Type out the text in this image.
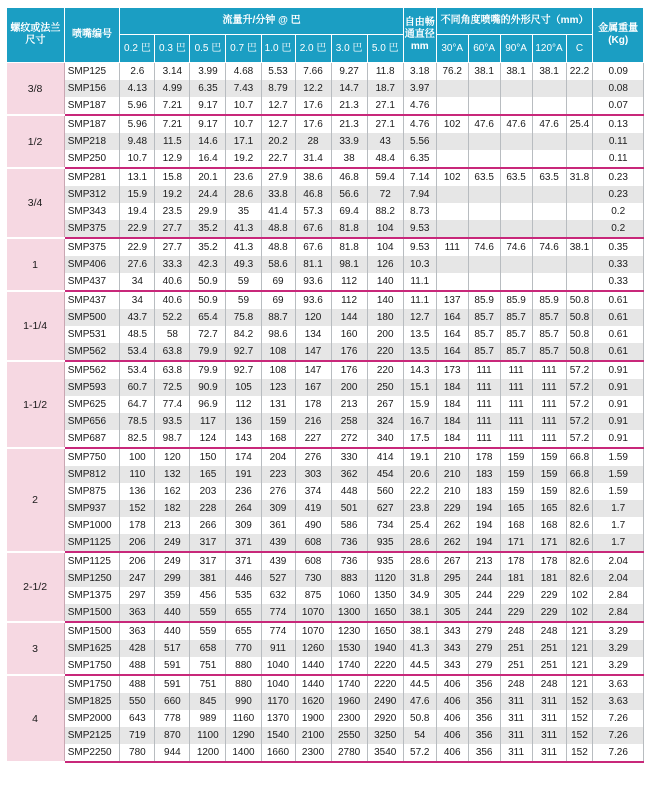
螺纹或法兰尺寸	喷嘴编号	流量升/分钟 @ 巴								自由畅通直径mm	不同角度喷嘴的外形尺寸（mm）					金属重量(Kg)
		0.2 巴	0.3 巴	0.5 巴	0.7 巴	1.0 巴	2.0 巴	3.0 巴	5.0 巴		30°A	60°A	90°A	120°A	C	
3/8	SMP125	2.6	3.14	3.99	4.68	5.53	7.66	9.27	11.8	3.18	76.2	38.1	38.1	38.1	22.2	0.09
	SMP156	4.13	4.99	6.35	7.43	8.79	12.2	14.7	18.7	3.97						0.08
	SMP187	5.96	7.21	9.17	10.7	12.7	17.6	21.3	27.1	4.76						0.07
1/2	SMP187	5.96	7.21	9.17	10.7	12.7	17.6	21.3	27.1	4.76	102	47.6	47.6	47.6	25.4	0.13
	SMP218	9.48	11.5	14.6	17.1	20.2	28	33.9	43	5.56						0.11
	SMP250	10.7	12.9	16.4	19.2	22.7	31.4	38	48.4	6.35						0.11
3/4	SMP281	13.1	15.8	20.1	23.6	27.9	38.6	46.8	59.4	7.14	102	63.5	63.5	63.5	31.8	0.23
	SMP312	15.9	19.2	24.4	28.6	33.8	46.8	56.6	72	7.94						0.23
	SMP343	19.4	23.5	29.9	35	41.4	57.3	69.4	88.2	8.73						0.2
	SMP375	22.9	27.7	35.2	41.3	48.8	67.6	81.8	104	9.53						0.2
1	SMP375	22.9	27.7	35.2	41.3	48.8	67.6	81.8	104	9.53	111	74.6	74.6	74.6	38.1	0.35
	SMP406	27.6	33.3	42.3	49.3	58.6	81.1	98.1	126	10.3						0.33
	SMP437	34	40.6	50.9	59	69	93.6	112	140	11.1						0.33
1-1/4	SMP437	34	40.6	50.9	59	69	93.6	112	140	11.1	137	85.9	85.9	85.9	50.8	0.61
	SMP500	43.7	52.2	65.4	75.8	88.7	120	144	180	12.7	164	85.7	85.7	85.7	50.8	0.61
	SMP531	48.5	58	72.7	84.2	98.6	134	160	200	13.5	164	85.7	85.7	85.7	50.8	0.61
	SMP562	53.4	63.8	79.9	92.7	108	147	176	220	13.5	164	85.7	85.7	85.7	50.8	0.61
1-1/2	SMP562	53.4	63.8	79.9	92.7	108	147	176	220	14.3	173	111	111	111	57.2	0.91
	SMP593	60.7	72.5	90.9	105	123	167	200	250	15.1	184	111	111	111	57.2	0.91
	SMP625	64.7	77.4	96.9	112	131	178	213	267	15.9	184	111	111	111	57.2	0.91
	SMP656	78.5	93.5	117	136	159	216	258	324	16.7	184	111	111	111	57.2	0.91
	SMP687	82.5	98.7	124	143	168	227	272	340	17.5	184	111	111	111	57.2	0.91
2	SMP750	100	120	150	174	204	276	330	414	19.1	210	178	159	159	66.8	1.59
	SMP812	110	132	165	191	223	303	362	454	20.6	210	183	159	159	66.8	1.59
	SMP875	136	162	203	236	276	374	448	560	22.2	210	183	159	159	82.6	1.59
	SMP937	152	182	228	264	309	419	501	627	23.8	229	194	165	165	82.6	1.7
	SMP1000	178	213	266	309	361	490	586	734	25.4	262	194	168	168	82.6	1.7
	SMP1125	206	249	317	371	439	608	736	935	28.6	262	194	171	171	82.6	1.7
2-1/2	SMP1125	206	249	317	371	439	608	736	935	28.6	267	213	178	178	82.6	2.04
	SMP1250	247	299	381	446	527	730	883	1120	31.8	295	244	181	181	82.6	2.04
	SMP1375	297	359	456	535	632	875	1060	1350	34.9	305	244	229	229	102	2.84
	SMP1500	363	440	559	655	774	1070	1300	1650	38.1	305	244	229	229	102	2.84
3	SMP1500	363	440	559	655	774	1070	1230	1650	38.1	343	279	248	248	121	3.29
	SMP1625	428	517	658	770	911	1260	1530	1940	41.3	343	279	251	251	121	3.29
	SMP1750	488	591	751	880	1040	1440	1740	2220	44.5	343	279	251	251	121	3.29
4	SMP1750	488	591	751	880	1040	1440	1740	2220	44.5	406	356	248	248	121	3.63
	SMP1825	550	660	845	990	1170	1620	1960	2490	47.6	406	356	311	311	152	3.63
	SMP2000	643	778	989	1160	1370	1900	2300	2920	50.8	406	356	311	311	152	7.26
	SMP2125	719	870	1100	1290	1540	2100	2550	3250	54	406	356	311	311	152	7.26
	SMP2250	780	944	1200	1400	1660	2300	2780	3540	57.2	406	356	311	311	152	7.26
